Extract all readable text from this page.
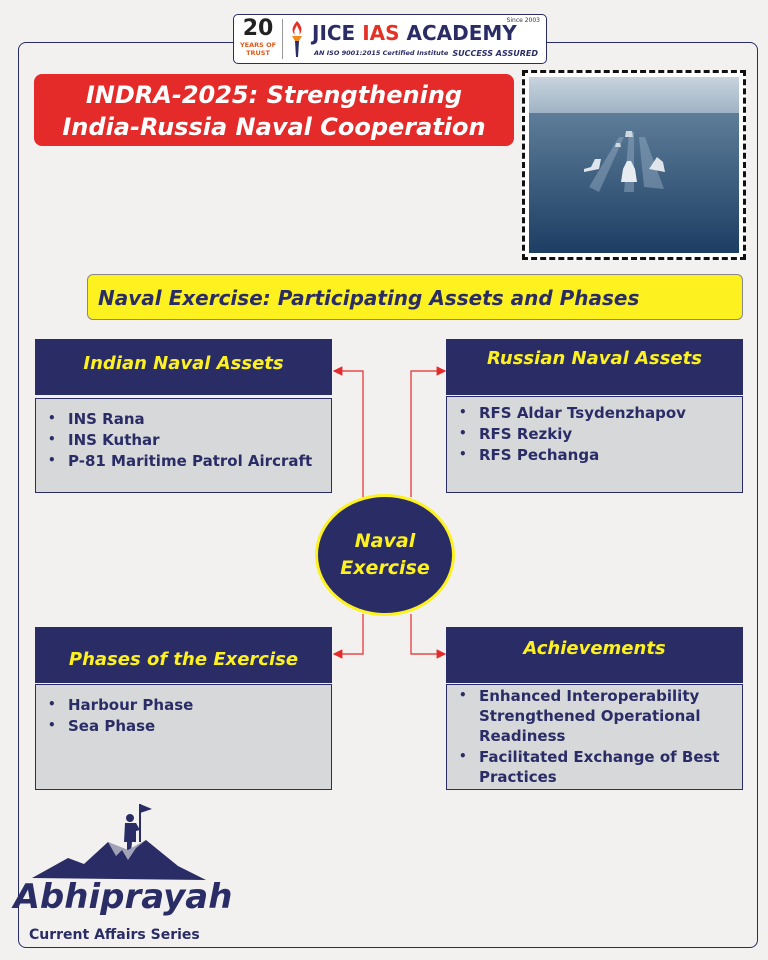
20
YEARS OF TRUST
JICE IAS ACADEMY
AN ISO 9001:2015 Certified Institute
Since 2003
SUCCESS ASSURED
INDRA-2025: Strengthening
India-Russia Naval Cooperation
Naval Exercise: Participating Assets and Phases
Indian Naval Assets
• INS Rana
• INS Kuthar
• P-81 Maritime Patrol Aircraft
Russian Naval Assets
• RFS Aldar Tsydenzhapov
• RFS Rezkiy
• RFS Pechanga
Naval
Exercise
Phases of the Exercise
• Harbour Phase
• Sea Phase
Achievements
• Enhanced Interoperability Strengthened Operational Readiness
• Facilitated Exchange of Best Practices
Abhiprayah
Current Affairs Series
